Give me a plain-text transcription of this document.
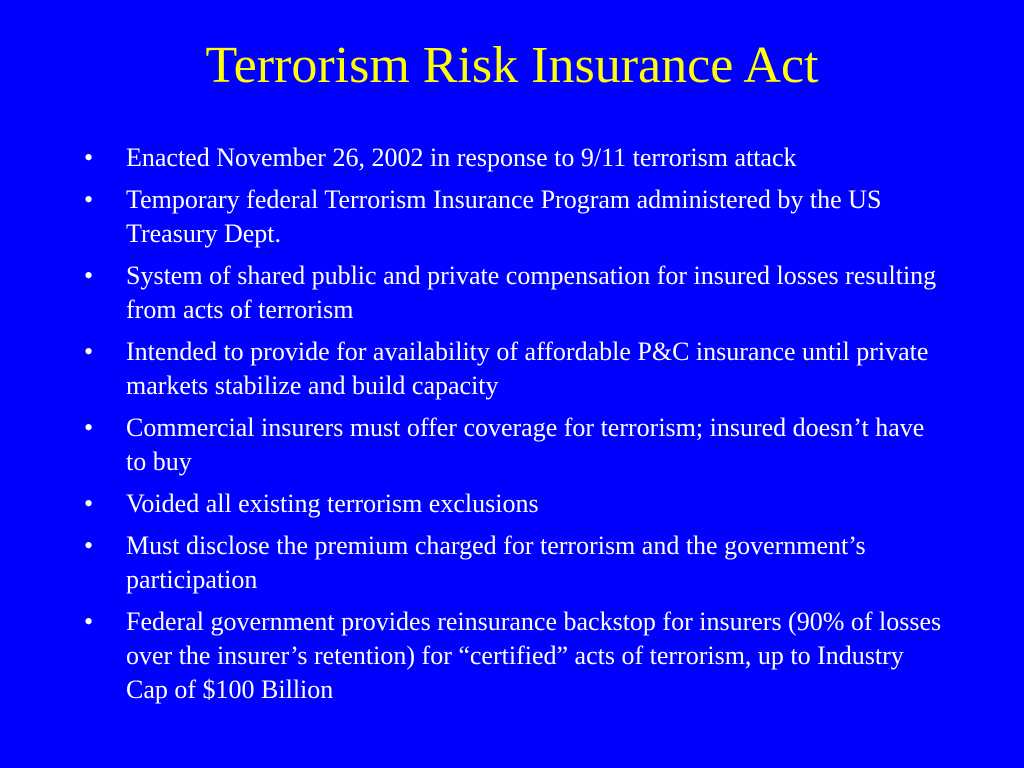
Terrorism Risk Insurance Act
•	Enacted November 26, 2002 in response to 9/11 terrorism attack
•	Temporary federal Terrorism Insurance Program administered by the US Treasury Dept.
•	System of shared public and private compensation for insured losses resulting from acts of terrorism
•	Intended to provide for availability of affordable P&C insurance until private markets stabilize and build capacity
•	Commercial insurers must offer coverage for terrorism; insured doesn’t have to buy
•	Voided all existing terrorism exclusions
•	Must disclose the premium charged for terrorism and the government’s participation
•	Federal government provides reinsurance backstop for insurers (90% of losses over the insurer’s retention) for “certified” acts of terrorism, up to Industry Cap of $100 Billion
